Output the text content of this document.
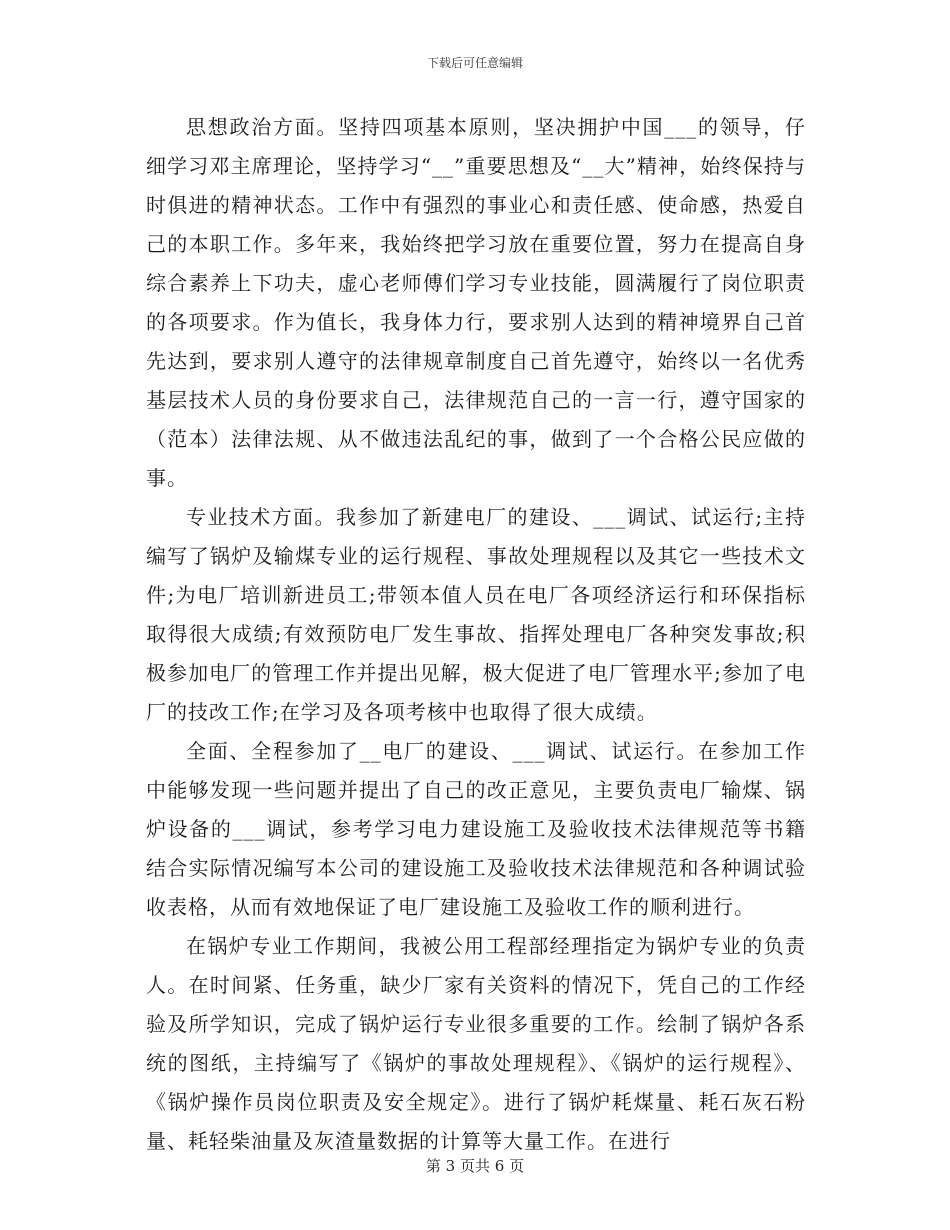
下载后可任意编辑

思想政治方面。坚持四项基本原则，坚决拥护中国___的领导，仔细学习邓主席理论，坚持学习“__”重要思想及“__大”精神，始终保持与时俱进的精神状态。工作中有强烈的事业心和责任感、使命感，热爱自己的本职工作。多年来，我始终把学习放在重要位置，努力在提高自身综合素养上下功夫，虚心老师傅们学习专业技能，圆满履行了岗位职责的各项要求。作为值长，我身体力行，要求别人达到的精神境界自己首先达到，要求别人遵守的法律规章制度自己首先遵守，始终以一名优秀基层技术人员的身份要求自己，法律规范自己的一言一行，遵守国家的（范本）法律法规、从不做违法乱纪的事，做到了一个合格公民应做的事。

专业技术方面。我参加了新建电厂的建设、___调试、试运行;主持编写了锅炉及输煤专业的运行规程、事故处理规程以及其它一些技术文件;为电厂培训新进员工;带领本值人员在电厂各项经济运行和环保指标取得很大成绩;有效预防电厂发生事故、指挥处理电厂各种突发事故;积极参加电厂的管理工作并提出见解，极大促进了电厂管理水平;参加了电厂的技改工作;在学习及各项考核中也取得了很大成绩。

全面、全程参加了__电厂的建设、___调试、试运行。在参加工作中能够发现一些问题并提出了自己的改正意见，主要负责电厂输煤、锅炉设备的___调试，参考学习电力建设施工及验收技术法律规范等书籍结合实际情况编写本公司的建设施工及验收技术法律规范和各种调试验收表格，从而有效地保证了电厂建设施工及验收工作的顺利进行。

在锅炉专业工作期间，我被公用工程部经理指定为锅炉专业的负责人。在时间紧、任务重，缺少厂家有关资料的情况下，凭自己的工作经验及所学知识，完成了锅炉运行专业很多重要的工作。绘制了锅炉各系统的图纸，主持编写了《锅炉的事故处理规程》、《锅炉的运行规程》、《锅炉操作员岗位职责及安全规定》。进行了锅炉耗煤量、耗石灰石粉量、耗轻柴油量及灰渣量数据的计算等大量工作。在进行

第 3 页共 6 页
